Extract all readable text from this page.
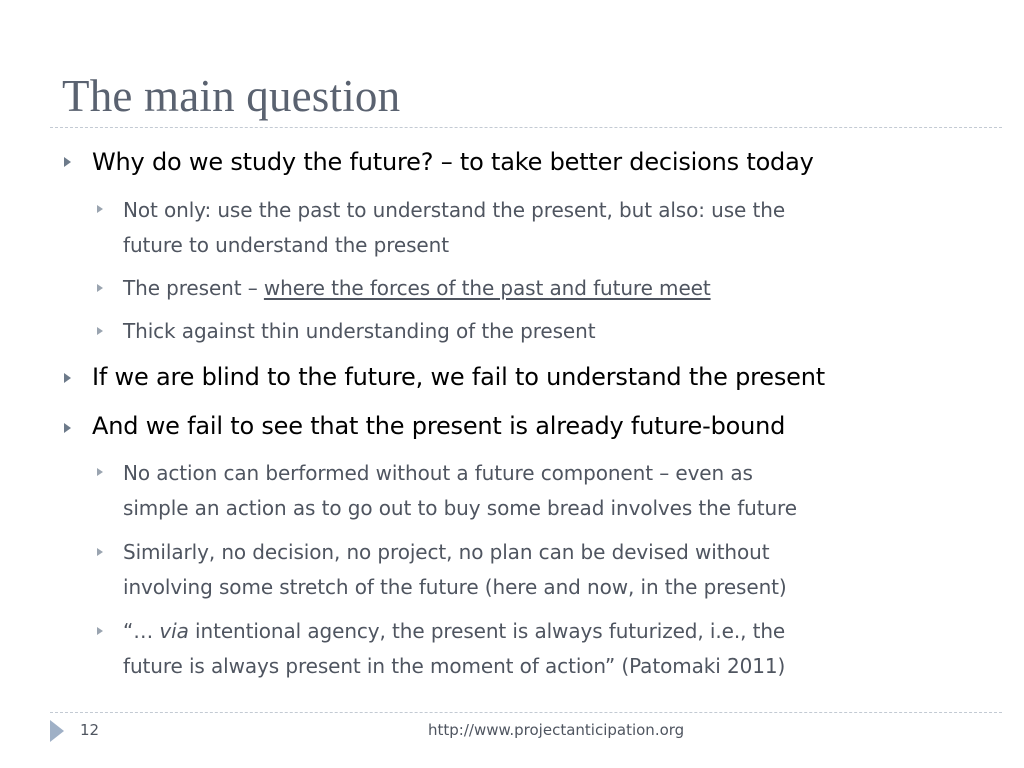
The main question
Why do we study the future? – to take better decisions today
Not only: use the past to understand the present, but also: use the
future to understand the present
The present – where the forces of the past and future meet
Thick against thin understanding of the present
If we are blind to the future, we fail to understand the present
And we fail to see that the present is already future-bound
No action can berformed without a future component – even as
simple an action as to go out to buy some bread involves the future
Similarly, no decision, no project, no plan can be devised without
involving some stretch of the future (here and now, in the present)
“… via intentional agency, the present is always futurized, i.e., the
future is always present in the moment of action” (Patomaki 2011)
12	http://www.projectanticipation.org
